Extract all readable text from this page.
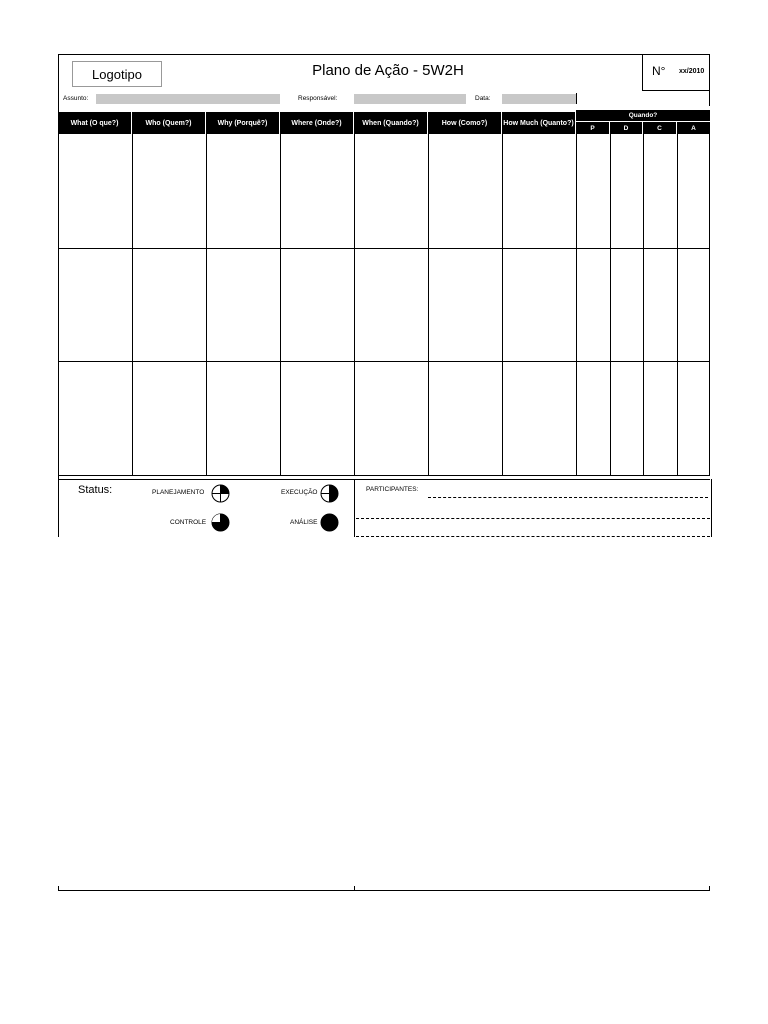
Logotipo	Plano de Ação - 5W2H	N° xx/2010
Assunto:	Responsável:	Data:
What (O que?)	Who (Quem?)	Why (Porquê?)	Where (Onde?)	When (Quando?)	How (Como?)	How Much (Quanto?)
Quando?
P	D	C	A
Status:	PLANEJAMENTO	EXECUÇÃO
CONTROLE	ANÁLISE
PARTICIPANTES:
